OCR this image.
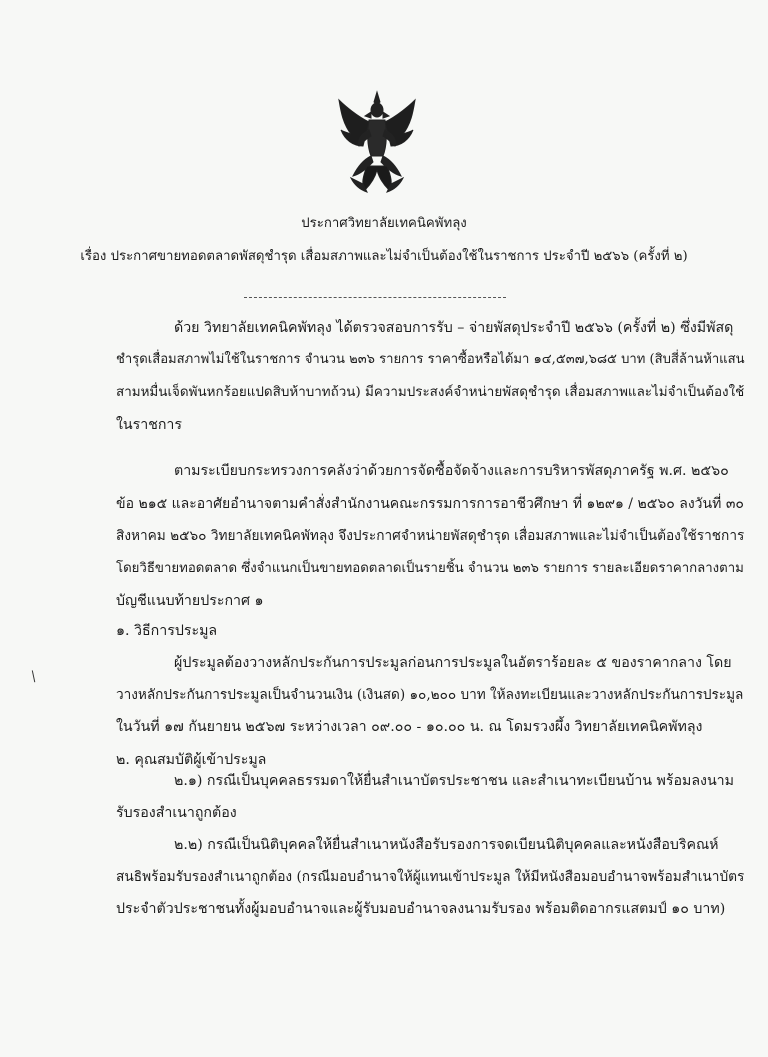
ประกาศวิทยาลัยเทคนิคพัทลุง
เรื่อง ประกาศขายทอดตลาดพัสดุชำรุด เสื่อมสภาพและไม่จำเป็นต้องใช้ในราชการ ประจำปี ๒๕๖๖ (ครั้งที่ ๒)
ด้วย วิทยาลัยเทคนิคพัทลุง ได้ตรวจสอบการรับ – จ่ายพัสดุประจำปี ๒๕๖๖ (ครั้งที่ ๒) ซึ่งมีพัสดุ
ชำรุดเสื่อมสภาพไม่ใช้ในราชการ จำนวน ๒๓๖ รายการ ราคาซื้อหรือได้มา ๑๔,๕๓๗,๖๘๕ บาท (สิบสี่ล้านห้าแสน
สามหมื่นเจ็ดพันหกร้อยแปดสิบห้าบาทถ้วน) มีความประสงค์จำหน่ายพัสดุชำรุด เสื่อมสภาพและไม่จำเป็นต้องใช้
ในราชการ
ตามระเบียบกระทรวงการคลังว่าด้วยการจัดซื้อจัดจ้างและการบริหารพัสดุภาครัฐ พ.ศ. ๒๕๖๐
ข้อ ๒๑๕ และอาศัยอำนาจตามคำสั่งสำนักงานคณะกรรมการการอาชีวศึกษา ที่ ๑๒๙๑ / ๒๕๖๐ ลงวันที่ ๓๐
สิงหาคม ๒๕๖๐ วิทยาลัยเทคนิคพัทลุง จึงประกาศจำหน่ายพัสดุชำรุด เสื่อมสภาพและไม่จำเป็นต้องใช้ราชการ
โดยวิธีขายทอดตลาด ซึ่งจำแนกเป็นขายทอดตลาดเป็นรายชิ้น จำนวน ๒๓๖ รายการ รายละเอียดราคากลางตาม
บัญชีแนบท้ายประกาศ ๑
๑. วิธีการประมูล
ผู้ประมูลต้องวางหลักประกันการประมูลก่อนการประมูลในอัตราร้อยละ ๕ ของราคากลาง โดย
วางหลักประกันการประมูลเป็นจำนวนเงิน (เงินสด) ๑๐,๒๐๐ บาท ให้ลงทะเบียนและวางหลักประกันการประมูล
ในวันที่ ๑๗ กันยายน ๒๕๖๗ ระหว่างเวลา ๐๙.๐๐ - ๑๐.๐๐ น. ณ โดมรวงผึ้ง วิทยาลัยเทคนิคพัทลุง
๒. คุณสมบัติผู้เข้าประมูล
๒.๑) กรณีเป็นบุคคลธรรมดาให้ยื่นสำเนาบัตรประชาชน และสำเนาทะเบียนบ้าน พร้อมลงนาม
รับรองสำเนาถูกต้อง
๒.๒) กรณีเป็นนิติบุคคลให้ยื่นสำเนาหนังสือรับรองการจดเบียนนิติบุคคลและหนังสือบริคณห์
สนธิพร้อมรับรองสำเนาถูกต้อง (กรณีมอบอำนาจให้ผู้แทนเข้าประมูล ให้มีหนังสือมอบอำนาจพร้อมสำเนาบัตร
ประจำตัวประชาชนทั้งผู้มอบอำนาจและผู้รับมอบอำนาจลงนามรับรอง พร้อมติดอากรแสตมป์ ๑๐ บาท)
